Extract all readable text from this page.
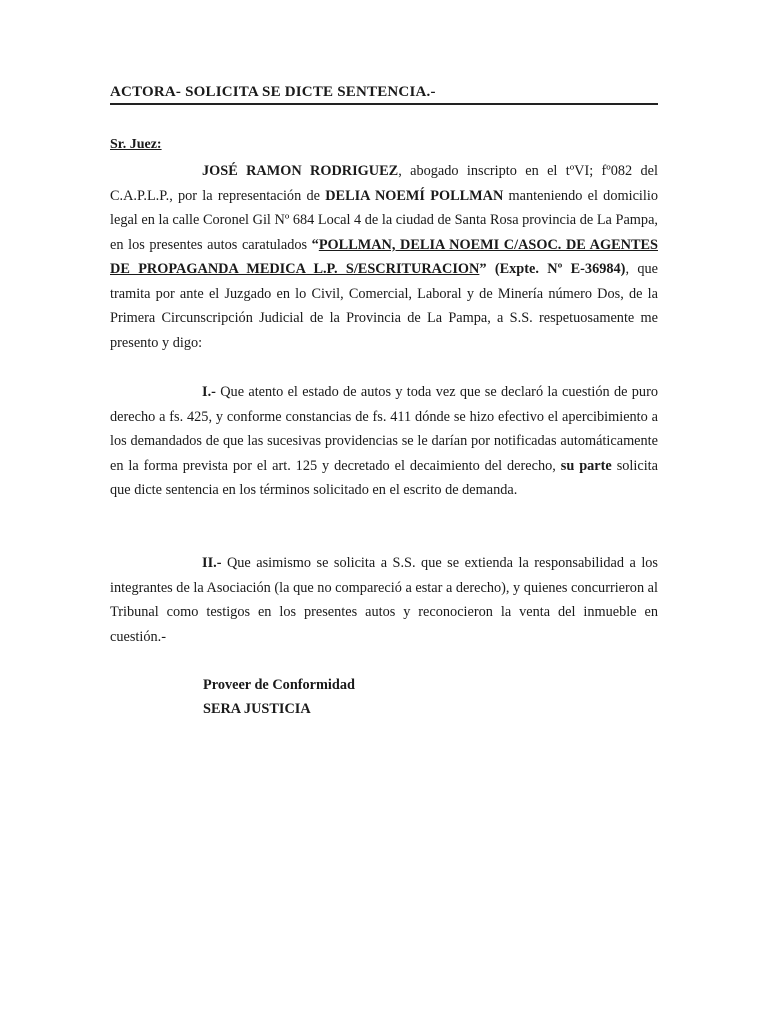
ACTORA- SOLICITA SE DICTE SENTENCIA.-
Sr. Juez:

JOSÉ RAMON RODRIGUEZ, abogado inscripto en el tºVI; fº082 del C.A.P.L.P., por la representación de DELIA NOEMÍ POLLMAN manteniendo el domicilio legal en la calle Coronel Gil Nº 684 Local 4 de la ciudad de Santa Rosa provincia de La Pampa, en los presentes autos caratulados “POLLMAN, DELIA NOEMI C/ASOC. DE AGENTES DE PROPAGANDA MEDICA L.P. S/ESCRITURACION” (Expte. Nº E-36984), que tramita por ante el Juzgado en lo Civil, Comercial, Laboral y de Minería número Dos, de la Primera Circunscripción Judicial de la Provincia de La Pampa, a S.S. respetuosamente me presento y digo:

I.- Que atento el estado de autos y toda vez que se declaró la cuestión de puro derecho a fs. 425, y conforme constancias de fs. 411 dónde se hizo efectivo el apercibimiento a los demandados de que las sucesivas providencias se le darían por notificadas automáticamente en la forma prevista por el art. 125 y decretado el decaimiento del derecho, su parte solicita que dicte sentencia en los términos solicitado en el escrito de demanda.

II.- Que asimismo se solicita a S.S. que se extienda la responsabilidad a los integrantes de la Asociación (la que no compareció a estar a derecho), y quienes concurrieron al Tribunal como testigos en los presentes autos y reconocieron la venta del inmueble en cuestión.-

Proveer de Conformidad
SERA JUSTICIA
